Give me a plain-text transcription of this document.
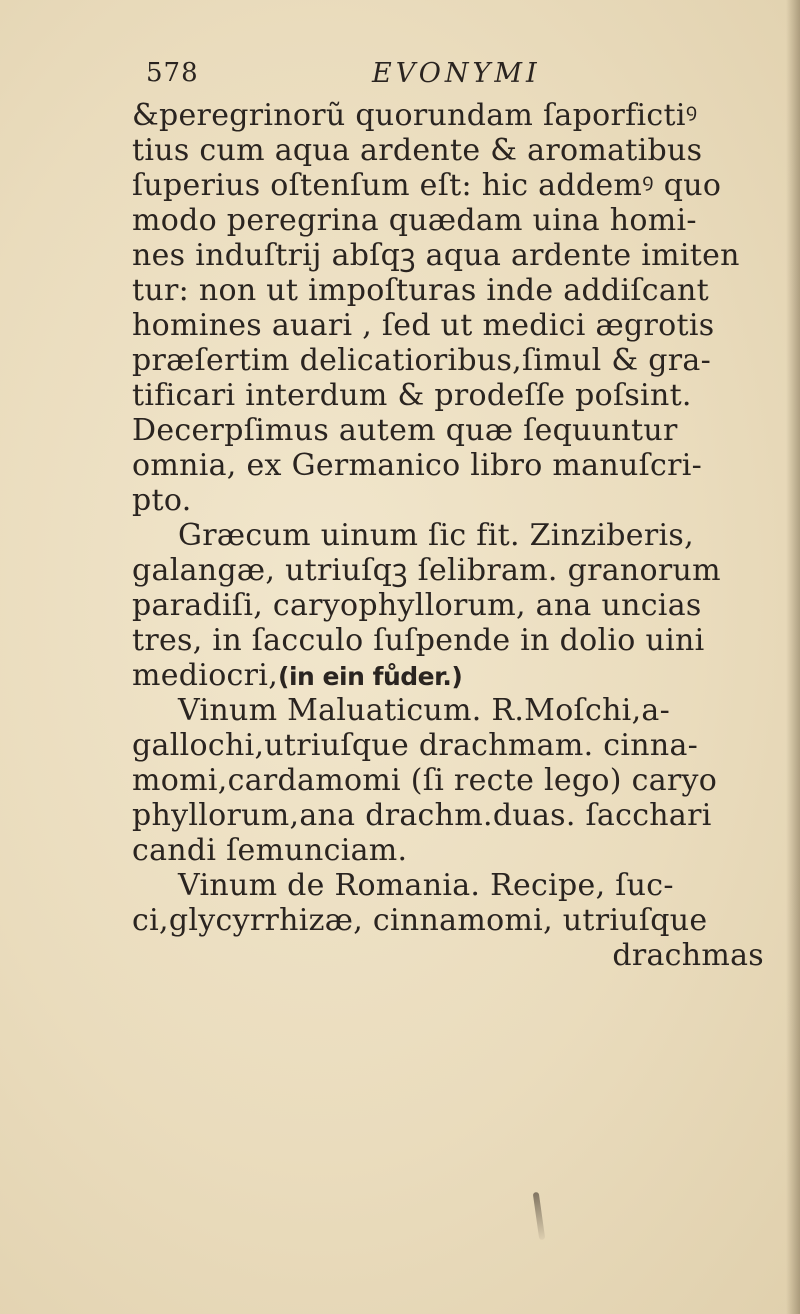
578	EVONYMI
&peregrinorũ quorundam ſaporfictiꝰ
tius cum aqua ardente & aromatibus
ſuperius oſtenſum eſt: hic addemꝰ quo
modo peregrina quædam uina homi-
nes induſtrij abſqꝫ aqua ardente imiten
tur: non ut impoſturas inde addiſcant
homines auari , ſed ut medici ægrotis
præſertim delicatioribus,ſimul & gra-
tificari interdum & prodeſſe poſsint.
Decerpſimus autem quæ ſequuntur
omnia, ex Germanico libro manuſcri-
pto.
Græcum uinum ſic fit. Zinziberis,
galangæ, utriuſqꝫ ſelibram. granorum
paradiſi, caryophyllorum, ana uncias
tres, in ſacculo ſuſpende in dolio uini
mediocri,(in ein fůder.)
Vinum Maluaticum. R.Moſchi,a-
gallochi,utriuſque drachmam. cinna-
momi,cardamomi (ſi recte lego) caryo
phyllorum,ana drachm.duas. ſacchari
candi ſemunciam.
Vinum de Romania. Recipe, ſuc-
ci,glycyrrhizæ, cinnamomi, utriuſque
drachmas
